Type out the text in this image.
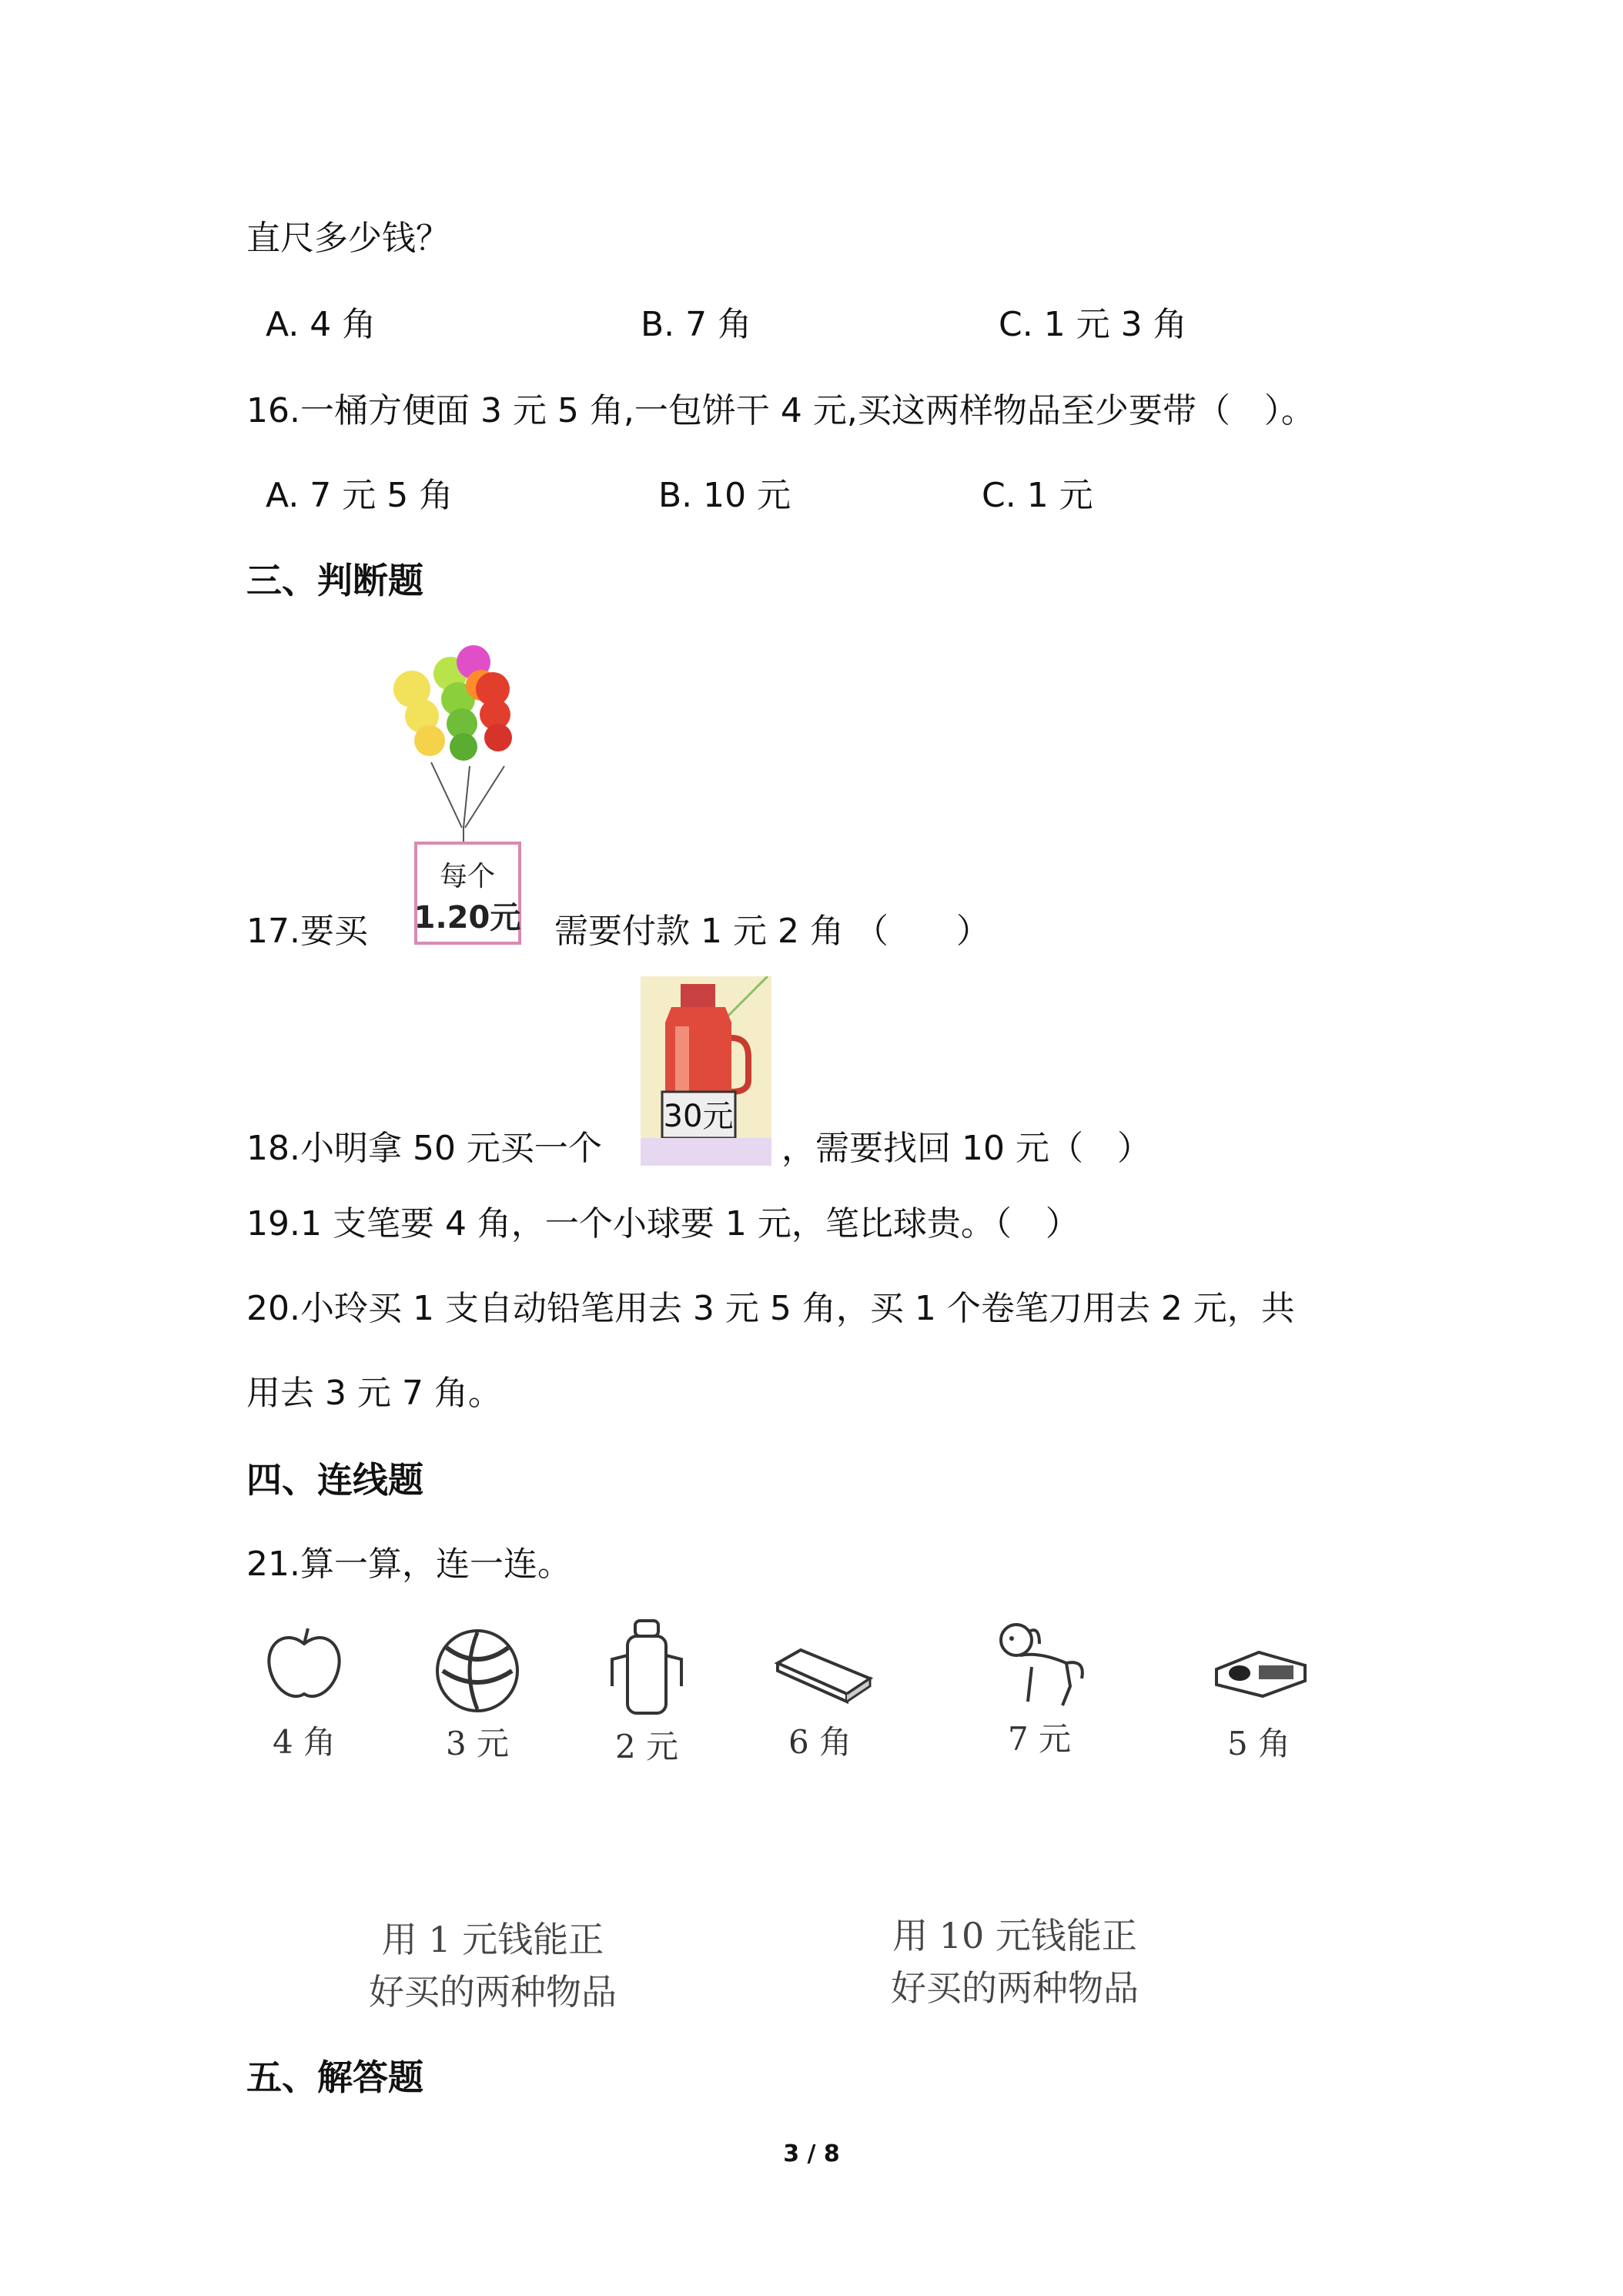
直尺多少钱？
A. 4 角	B. 7 角	C. 1 元 3 角
16.一桶方便面 3 元 5 角,一包饼干 4 元,买这两样物品至少要带（　）。
A. 7 元 5 角	B. 10 元	C. 1 元
三、判断题
17.要买
每个
1.20元 需要付款 1 元 2 角 （　　）
18.小明拿 50 元买一个
30元
，需要找回 10 元（　）
19.1 支笔要 4 角，一个小球要 1 元，笔比球贵。（　）
20.小玲买 1 支自动铅笔用去 3 元 5 角，买 1 个卷笔刀用去 2 元，共
用去 3 元 7 角。
四、连线题
21.算一算，连一连。
4 角	3 元	2 元	6 角	7 元	5 角
用 1 元钱能正
好买的两种物品
用 10 元钱能正
好买的两种物品
五、解答题
3 / 8
